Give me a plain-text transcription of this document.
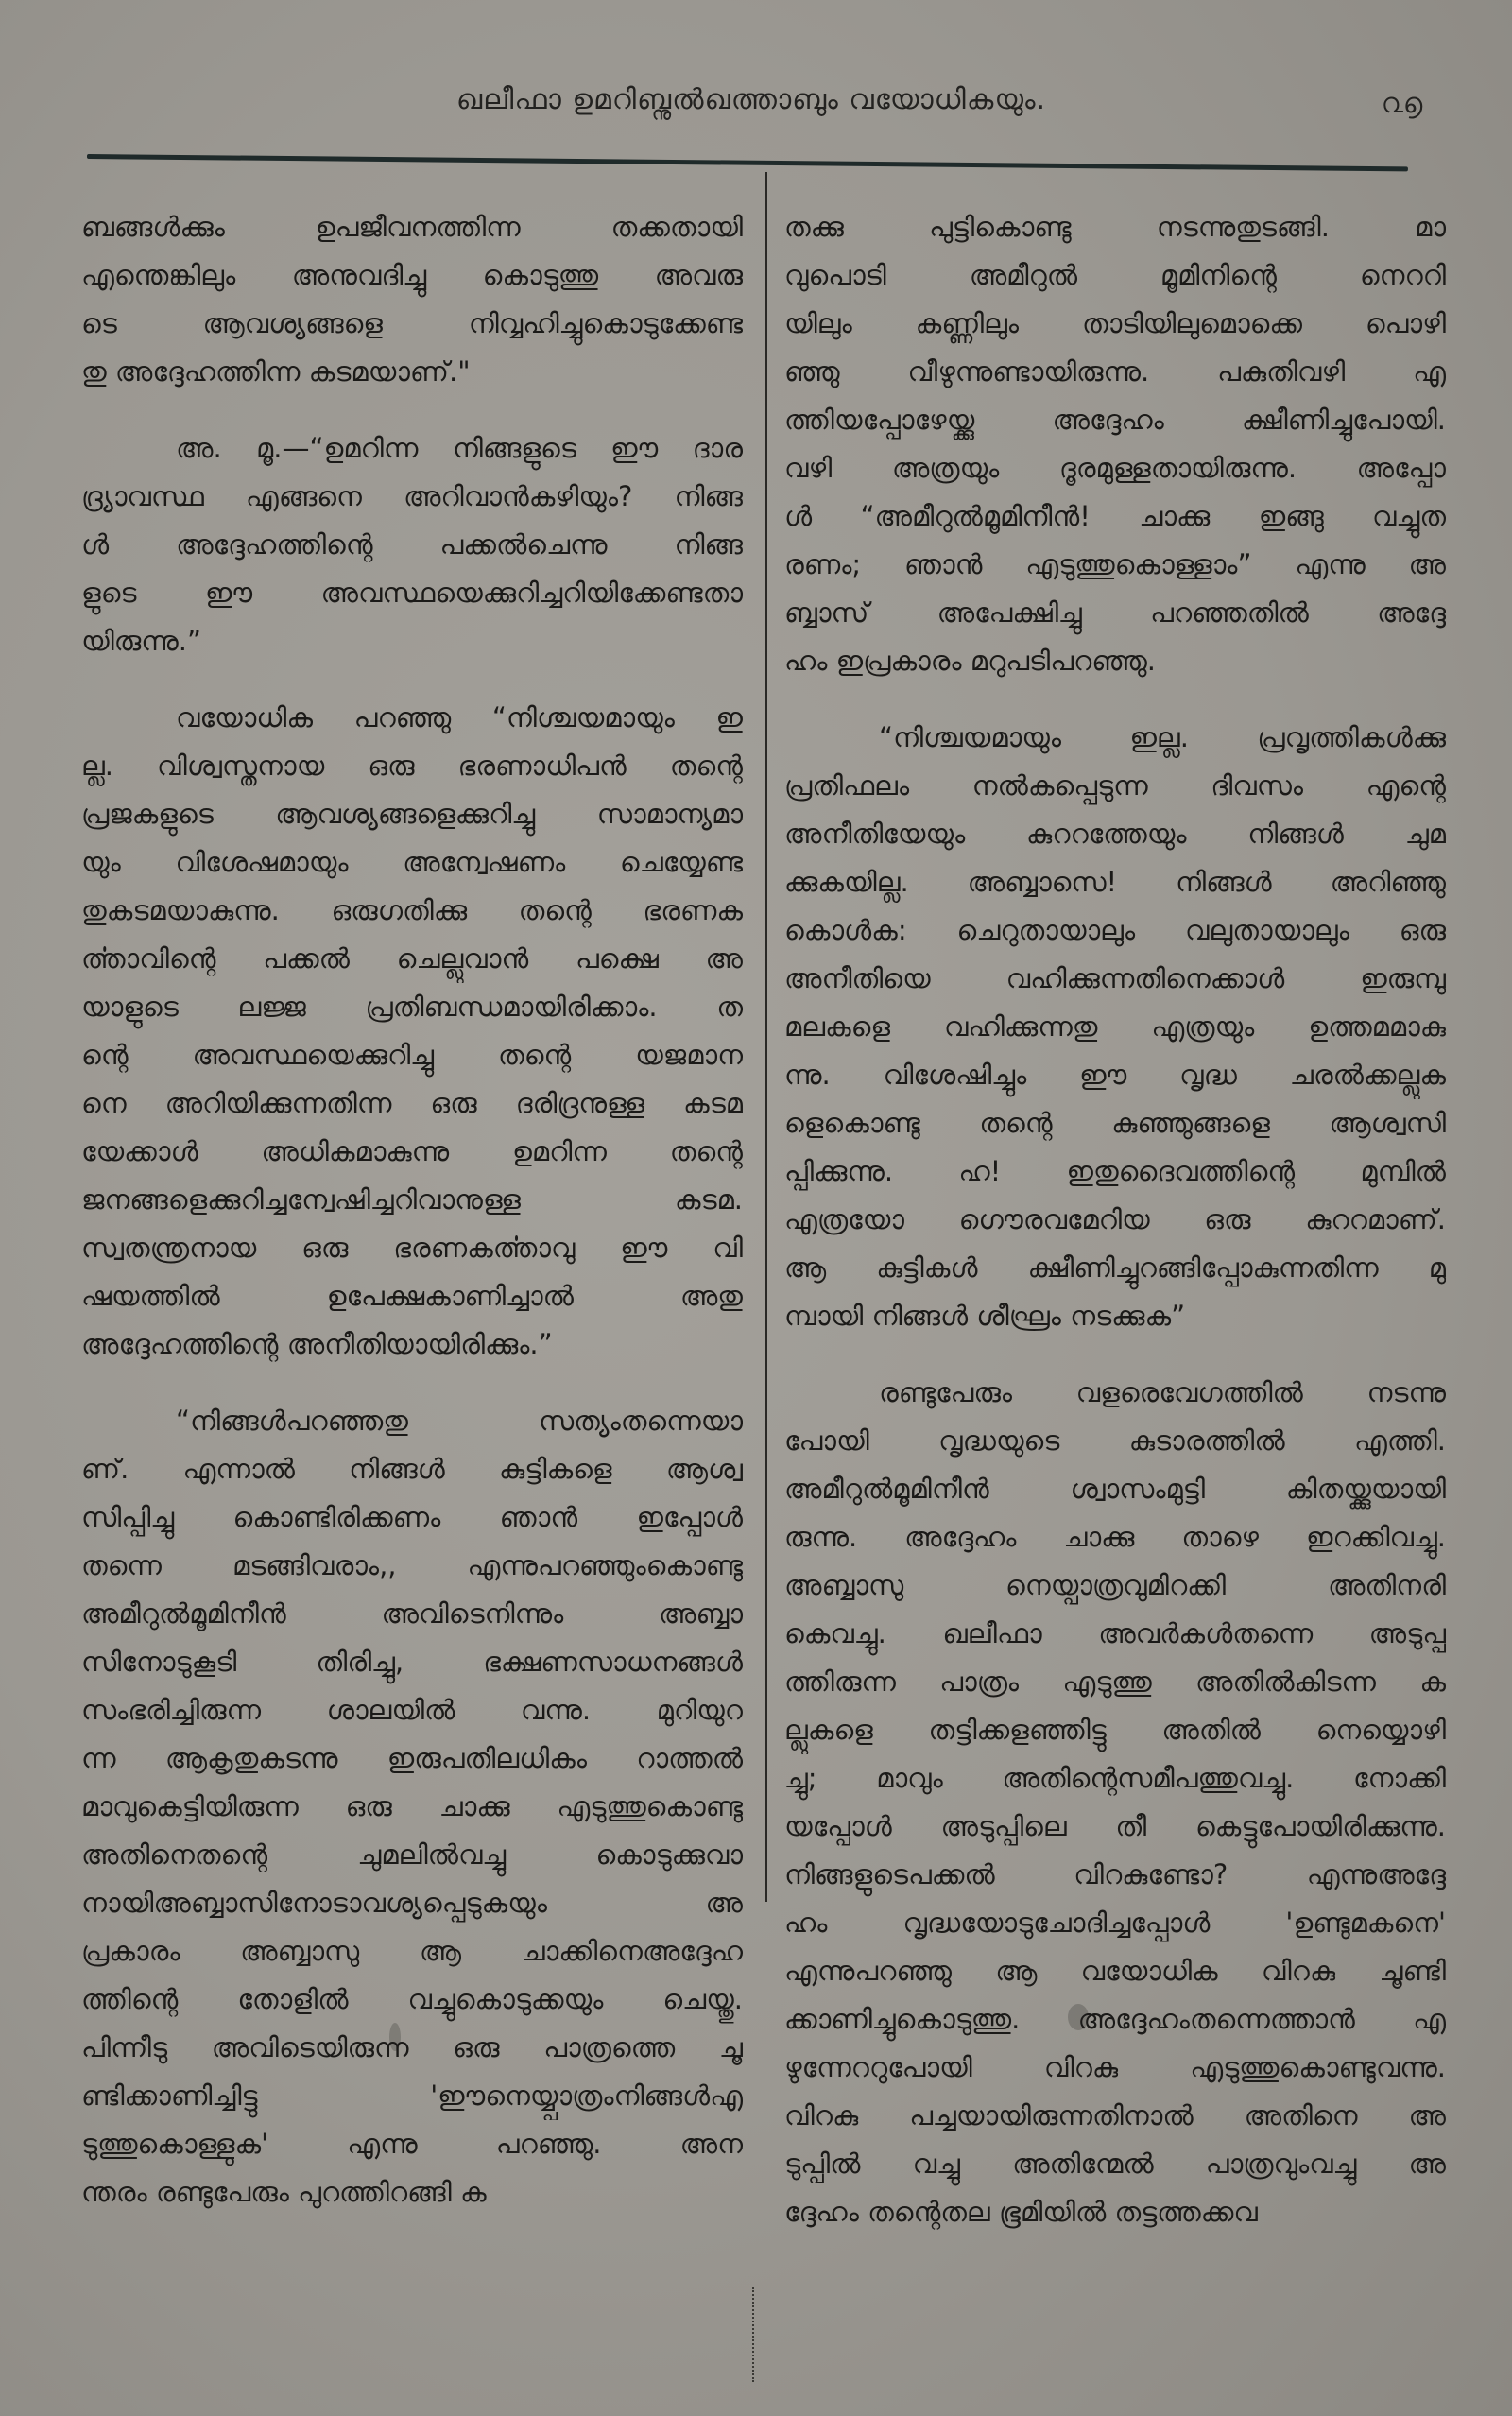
ഖലീഫാ ഉമറിബ്നുൽഖത്താബും വയോധികയും.	൨൭
ബങ്ങൾക്കും ഉപജീവനത്തിന്ന തക്കതായി
എന്തെങ്കിലും അനുവദിച്ചു കൊടുത്തു അവരു
ടെ ആവശ്യങ്ങളെ നിവ്വഹിച്ചുകൊടുക്കേണ്ട
തു അദ്ദേഹത്തിന്ന കടമയാണ്."
അ. മൂ.—“ഉമറിന്ന നിങ്ങളുടെ ഈ ദാര
ദ്ര്യാവസ്ഥ എങ്ങനെ അറിവാൻകഴിയും? നിങ്ങ
ൾ അദ്ദേഹത്തിന്റെ പക്കൽചെന്നു നിങ്ങ
ളുടെ ഈ അവസ്ഥയെക്കുറിച്ചറിയിക്കേണ്ടതാ
യിരുന്നു.”
വയോധിക പറഞ്ഞു “നിശ്ചയമായും ഇ
ല്ല. വിശ്വസ്തനായ ഒരു ഭരണാധിപൻ തന്റെ
പ്രജകളുടെ ആവശ്യങ്ങളെക്കുറിച്ചു സാമാന്യമാ
യും വിശേഷമായും അന്വേഷണം ചെയ്യേണ്ട
തുകടമയാകുന്നു. ഒരുഗതിക്കു തന്റെ ഭരണക
ൎത്താവിന്റെ പക്കൽ ചെല്ലുവാൻ പക്ഷെ അ
യാളുടെ ലജ്ജ പ്രതിബന്ധമായിരിക്കാം. ത
ന്റെ അവസ്ഥയെക്കുറിച്ചു തന്റെ യജമാന
നെ അറിയിക്കുന്നതിന്ന ഒരു ദരിദ്രനുള്ള കടമ
യേക്കാൾ അധികമാകുന്നു ഉമറിന്ന തന്റെ
ജനങ്ങളെക്കുറിച്ചന്വേഷിച്ചറിവാനുള്ള കടമ.
സ്വതന്ത്രനായ ഒരു ഭരണകൎത്താവു ഈ വി
ഷയത്തിൽ ഉപേക്ഷകാണിച്ചാൽ അതു
അദ്ദേഹത്തിന്റെ അനീതിയായിരിക്കും.”
“നിങ്ങൾപറഞ്ഞതു സത്യംതന്നെയാ
ണ്. എന്നാൽ നിങ്ങൾ കുട്ടികളെ ആശ്വ
സിപ്പിച്ചു കൊണ്ടിരിക്കണം ഞാൻ ഇപ്പോൾ
തന്നെ മടങ്ങിവരാം,, എന്നുപറഞ്ഞുംകൊണ്ടു
അമീറുൽമൂമിനീൻ അവിടെനിന്നും അബ്ബാ
സിനോടുകൂടി തിരിച്ചു, ഭക്ഷണസാധനങ്ങൾ
സംഭരിച്ചിരുന്ന ശാലയിൽ വന്നു. മുറിയുറ
ന്ന ആകൃതുകടന്നു ഇരുപതിലധികം റാത്തൽ
മാവുകെട്ടിയിരുന്ന ഒരു ചാക്കു എടുത്തുകൊണ്ടു
അതിനെതന്റെ ചുമലിൽവച്ചു കൊടുക്കുവാ
നായിഅബ്ബാസിനോടാവശ്യപ്പെടുകയും അ
പ്രകാരം അബ്ബാസു ആ ചാക്കിനെഅദ്ദേഹ
ത്തിന്റെ തോളിൽ വച്ചുകൊടുക്കയും ചെയ്തു.
പിന്നീടു അവിടെയിരുന്ന ഒരു പാത്രത്തെ ചൂ
ണ്ടിക്കാണിച്ചിട്ടു 'ഈനെയ്യ്പാത്രംനിങ്ങൾഎ
ടുത്തുകൊള്ളുക' എന്നു പറഞ്ഞു. അന
ന്തരം രണ്ടുപേരും പുറത്തിറങ്ങി ക
തക്കു പുട്ടികൊണ്ടു നടന്നുതുടങ്ങി. മാ
വുപൊടി അമീറുൽ മൂമിനിന്റെ നെററി
യിലും കണ്ണിലും താടിയിലുമൊക്കെ പൊഴി
ഞ്ഞു വീഴുന്നുണ്ടായിരുന്നു. പകുതിവഴി എ
ത്തിയപ്പോഴേയ്ക്കു അദ്ദേഹം ക്ഷീണിച്ചുപോയി.
വഴി അത്രയും ദൂരമുള്ളതായിരുന്നു. അപ്പോ
ൾ “അമീറുൽമൂമിനീൻ! ചാക്കു ഇങ്ങു വച്ചുത
രണം; ഞാൻ എടുത്തുകൊള്ളാം” എന്നു അ
ബ്ബാസ് അപേക്ഷിച്ചു പറഞ്ഞതിൽ അദ്ദേ
ഹം ഇപ്രകാരം മറുപടിപറഞ്ഞു.
“നിശ്ചയമായും ഇല്ല. പ്രവൃത്തികൾക്കു
പ്രതിഫലം നൽകപ്പെടുന്ന ദിവസം എന്റെ
അനീതിയേയും കുററത്തേയും നിങ്ങൾ ചുമ
ക്കുകയില്ല. അബ്ബാസെ! നിങ്ങൾ അറിഞ്ഞു
കൊൾക: ചെറുതായാലും വലുതായാലും ഒരു
അനീതിയെ വഹിക്കുന്നതിനെക്കാൾ ഇരുമ്പു
മലകളെ വഹിക്കുന്നതു എത്രയും ഉത്തമമാകു
ന്നു. വിശേഷിച്ചും ഈ വൃദ്ധ ചരൽക്കല്ലുക
ളെകൊണ്ടു തന്റെ കുഞ്ഞുങ്ങളെ ആശ്വസി
പ്പിക്കുന്നു. ഹ! ഇതുദൈവത്തിന്റെ മുമ്പിൽ
എത്രയോ ഗൌരവമേറിയ ഒരു കുററമാണ്.
ആ കുട്ടികൾ ക്ഷീണിച്ചുറങ്ങിപ്പോകുന്നതിന്ന മു
മ്പായി നിങ്ങൾ ശീഘ്രം നടക്കുക”
രണ്ടുപേരും വളരെവേഗത്തിൽ നടന്നു
പോയി വൃദ്ധയുടെ കുടാരത്തിൽ എത്തി.
അമീറുൽമൂമിനീൻ ശ്വാസംമുട്ടി കിതയ്ക്കുയായി
രുന്നു. അദ്ദേഹം ചാക്കു താഴെ ഇറക്കിവച്ചു.
അബ്ബാസു നെയ്പാത്രവുമിറക്കി അതിനരി
കെവച്ചു. ഖലീഫാ അവർകൾതന്നെ അടുപ്പ
ത്തിരുന്ന പാത്രം എടുത്തു അതിൽകിടന്ന ക
ല്ലുകളെ തട്ടിക്കളഞ്ഞിട്ടു അതിൽ നെയ്യൊഴി
ച്ചു; മാവും അതിന്റെസമീപത്തുവച്ചു. നോക്കി
യപ്പോൾ അടുപ്പിലെ തീ കെട്ടുപോയിരിക്കുന്നു.
നിങ്ങളുടെപക്കൽ വിറകുണ്ടോ? എന്നുഅദ്ദേ
ഹം വൃദ്ധയോടുചോദിച്ചപ്പോൾ 'ഉണ്ടുമകനെ'
എന്നുപറഞ്ഞു ആ വയോധിക വിറകു ചൂണ്ടി
ക്കാണിച്ചുകൊടുത്തു. അദ്ദേഹംതന്നെത്താൻ എ
ഴുന്നേററുപോയി വിറകു എടുത്തുകൊണ്ടുവന്നു.
വിറകു പച്ചയായിരുന്നതിനാൽ അതിനെ അ
ടുപ്പിൽ വച്ചു അതിന്മേൽ പാത്രവുംവച്ചു അ
ദ്ദേഹം തന്റെതല ഭൂമിയിൽ തട്ടത്തക്കവ
